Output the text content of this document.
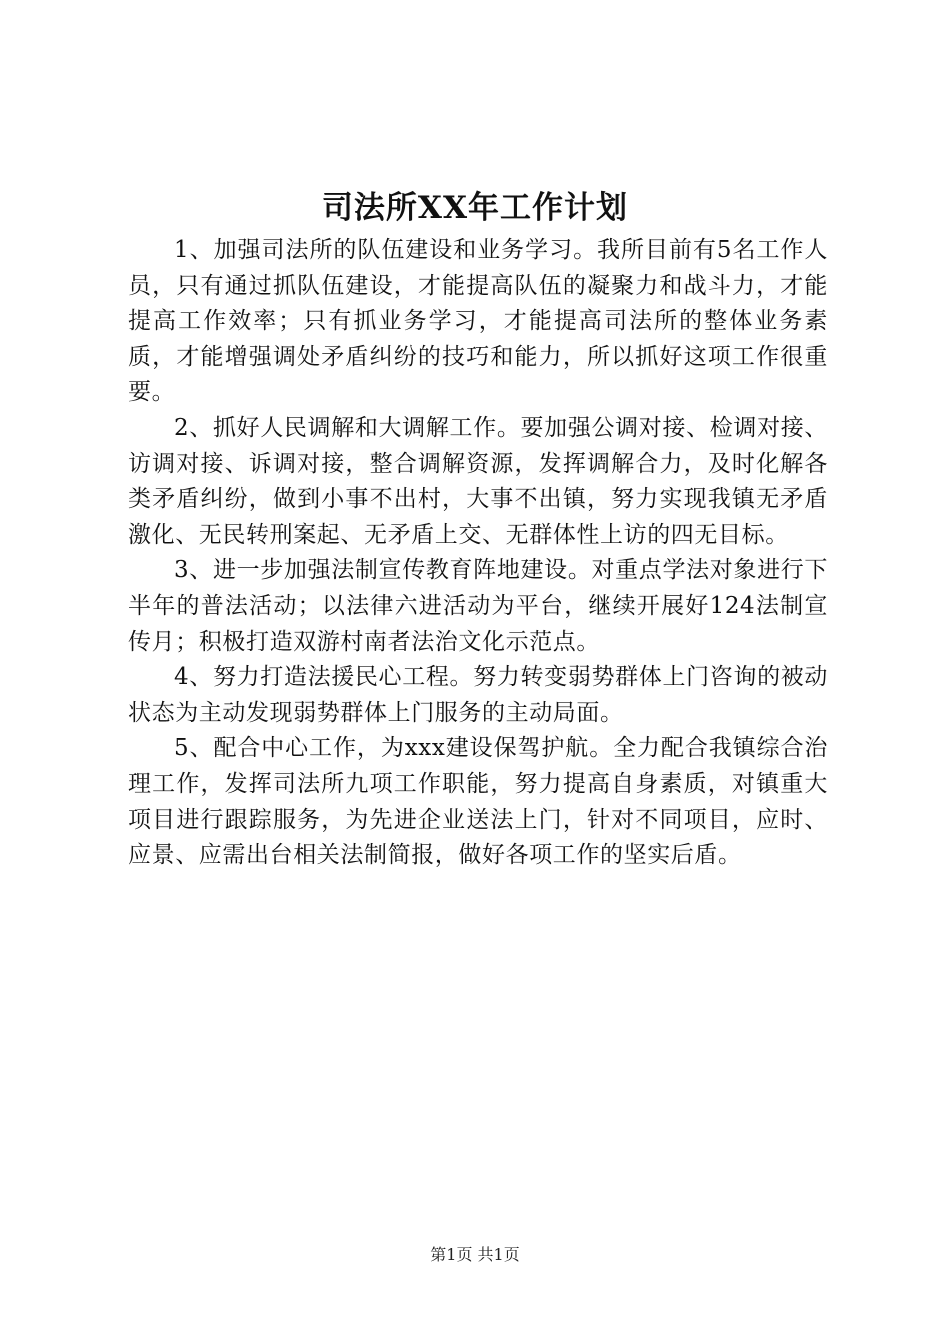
司法所XX年工作计划

1、加强司法所的队伍建设和业务学习。我所目前有5名工作人员，只有通过抓队伍建设，才能提高队伍的凝聚力和战斗力，才能提高工作效率；只有抓业务学习，才能提高司法所的整体业务素质，才能增强调处矛盾纠纷的技巧和能力，所以抓好这项工作很重要。

2、抓好人民调解和大调解工作。要加强公调对接、检调对接、访调对接、诉调对接，整合调解资源，发挥调解合力，及时化解各类矛盾纠纷，做到小事不出村，大事不出镇，努力实现我镇无矛盾激化、无民转刑案起、无矛盾上交、无群体性上访的四无目标。

3、进一步加强法制宣传教育阵地建设。对重点学法对象进行下半年的普法活动；以法律六进活动为平台，继续开展好124法制宣传月；积极打造双游村南者法治文化示范点。

4、努力打造法援民心工程。努力转变弱势群体上门咨询的被动状态为主动发现弱势群体上门服务的主动局面。

5、配合中心工作，为xxx建设保驾护航。全力配合我镇综合治理工作，发挥司法所九项工作职能，努力提高自身素质，对镇重大项目进行跟踪服务，为先进企业送法上门，针对不同项目，应时、应景、应需出台相关法制简报，做好各项工作的坚实后盾。

第1页 共1页
